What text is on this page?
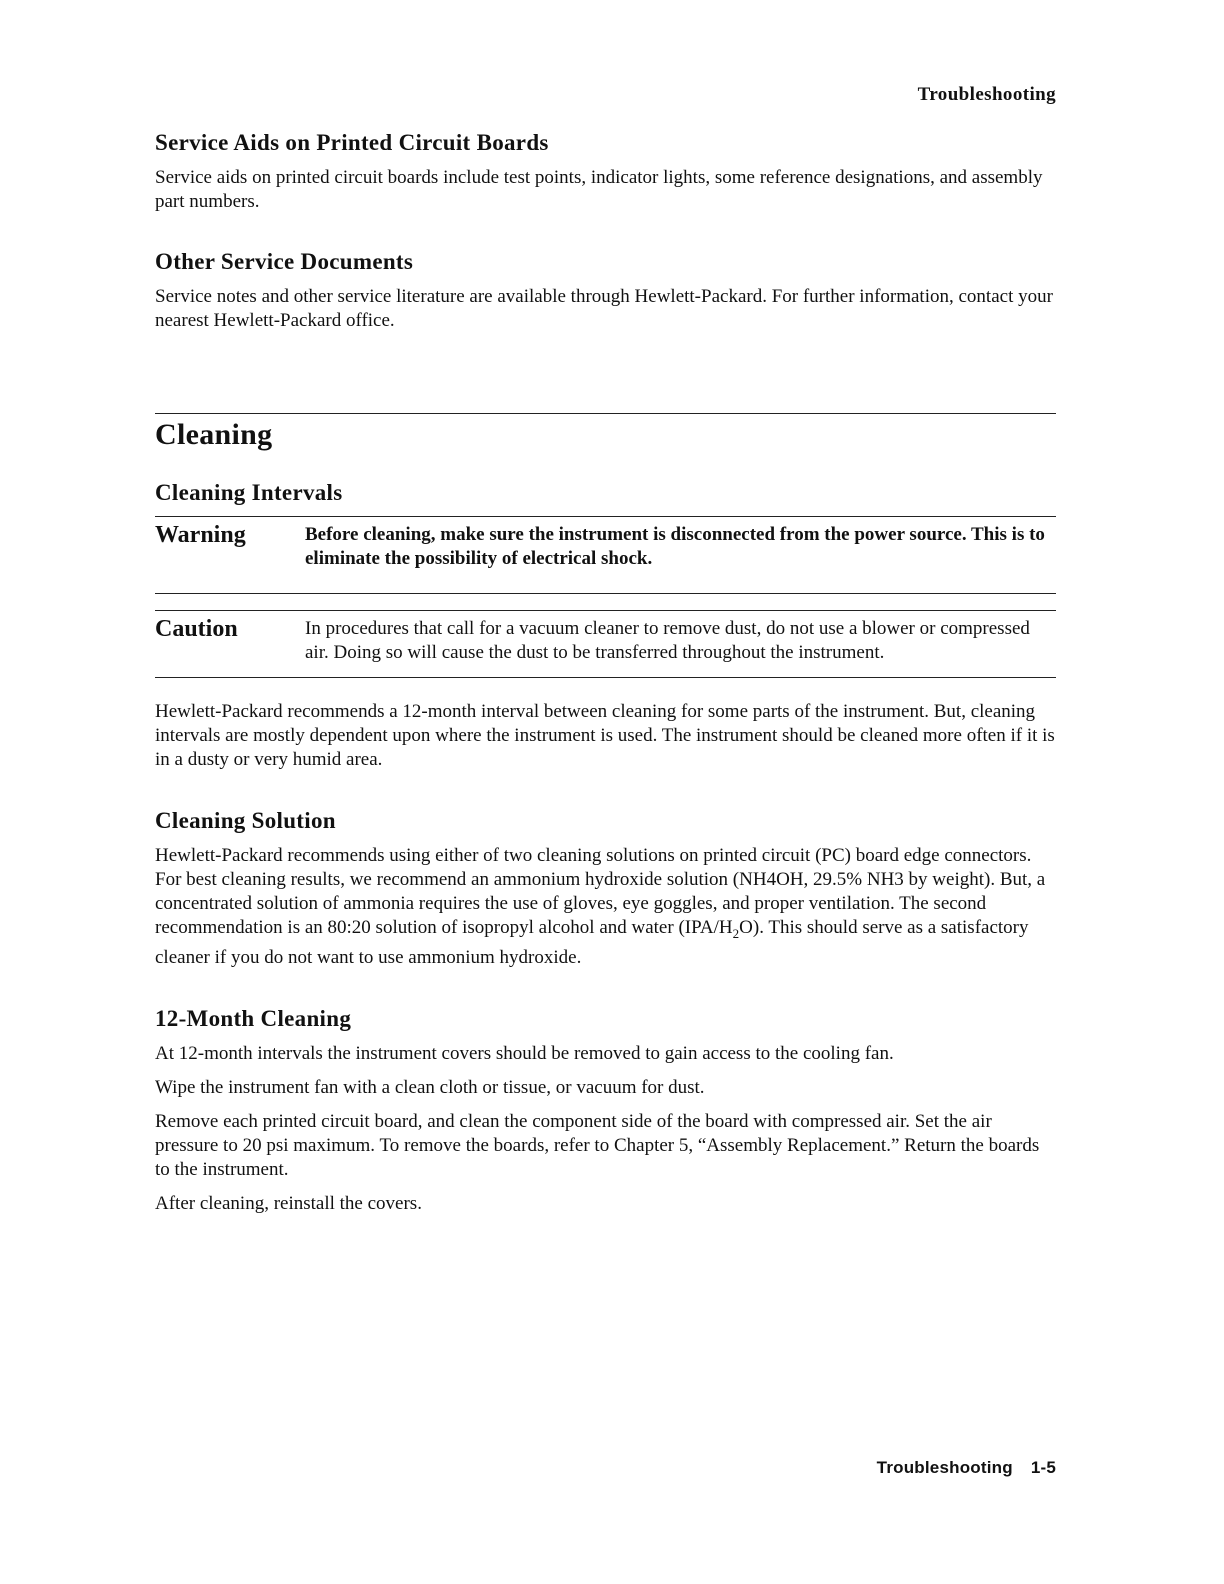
Troubleshooting
Service Aids on Printed Circuit Boards

Service aids on printed circuit boards include test points, indicator lights, some reference designations, and assembly part numbers.

Other Service Documents

Service notes and other service literature are available through Hewlett-Packard. For further information, contact your nearest Hewlett-Packard office.

Cleaning
Cleaning Intervals
Warning	Before cleaning, make sure the instrument is disconnected from the power source. This is to eliminate the possibility of electrical shock.
Caution	In procedures that call for a vacuum cleaner to remove dust, do not use a blower or compressed air. Doing so will cause the dust to be transferred throughout the instrument.

Hewlett-Packard recommends a 12-month interval between cleaning for some parts of the instrument. But, cleaning intervals are mostly dependent upon where the instrument is used. The instrument should be cleaned more often if it is in a dusty or very humid area.

Cleaning Solution

Hewlett-Packard recommends using either of two cleaning solutions on printed circuit (PC) board edge connectors. For best cleaning results, we recommend an ammonium hydroxide solution (NH4OH, 29.5% NH3 by weight). But, a concentrated solution of ammonia requires the use of gloves, eye goggles, and proper ventilation. The second recommendation is an 80:20 solution of isopropyl alcohol and water $(IPA/H_2O)$. This should serve as a satisfactory cleaner if you do not want to use ammonium hydroxide.

12-Month Cleaning

At 12-month intervals the instrument covers should be removed to gain access to the cooling fan.

Wipe the instrument fan with a clean cloth or tissue, or vacuum for dust.

Remove each printed circuit board, and clean the component side of the board with compressed air. Set the air pressure to 20 psi maximum. To remove the boards, refer to Chapter 5, “Assembly Replacement.” Return the boards to the instrument.

After cleaning, reinstall the covers.

Troubleshooting 1-5
